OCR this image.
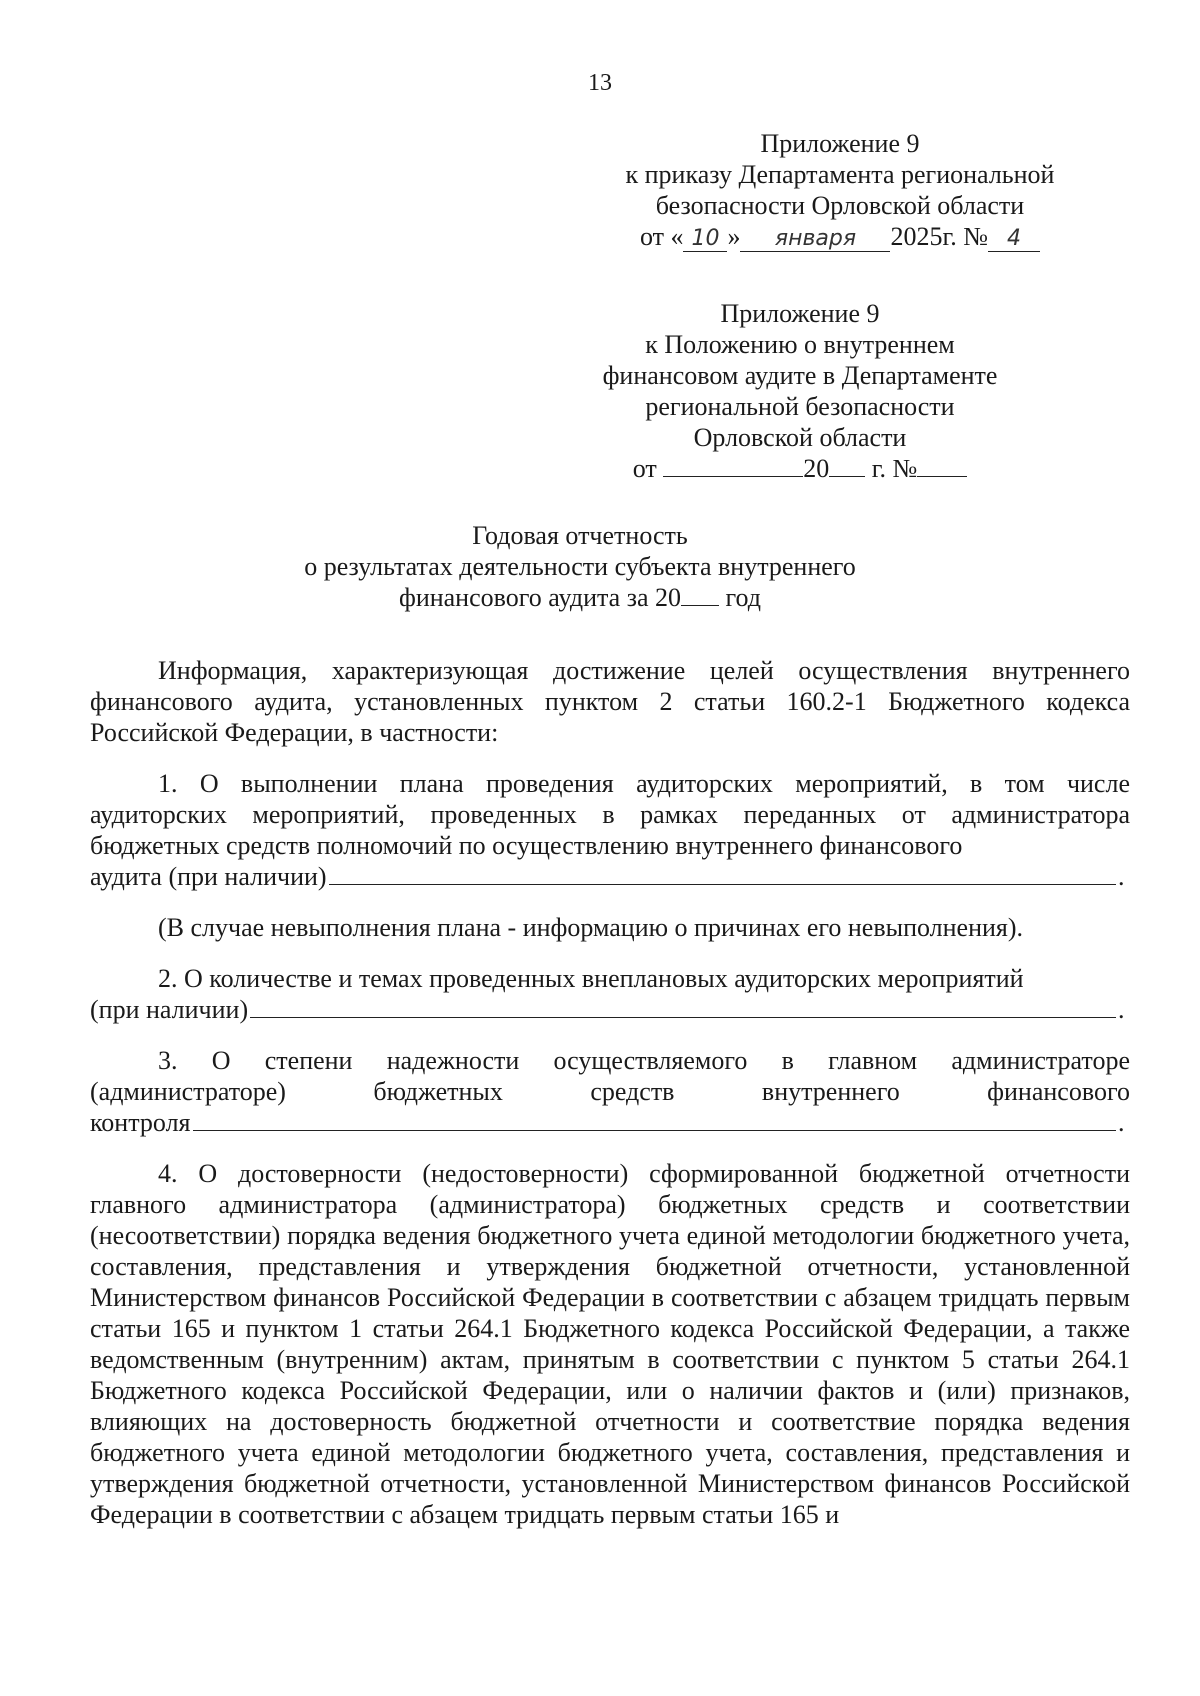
13
Приложение 9
к приказу Департамента региональной
безопасности Орловской области
от « 10 » января 2025г. № 4
Приложение 9
к Положению о внутреннем
финансовом аудите в Департаменте
региональной безопасности
Орловской области
от	20 г. №
Годовая отчетность
о результатах деятельности субъекта внутреннего
финансового аудита за 20 год

Информация, характеризующая достижение целей осуществления внутреннего финансового аудита, установленных пунктом 2 статьи 160.2-1 Бюджетного кодекса Российской Федерации, в частности:

1. О выполнении плана проведения аудиторских мероприятий, в том числе аудиторских мероприятий, проведенных в рамках переданных от администратора бюджетных средств полномочий по осуществлению внутреннего финансового

аудита (при наличии)	.

(В случае невыполнения плана - информацию о причинах его невыполнения).

2. О количестве и темах проведенных внеплановых аудиторских мероприятий

(при наличии)	.
3. О степени надежности осуществляемого в главном администраторе
(администраторе)	бюджетных	средств	внутреннего	финансового
контроля	.

4. О достоверности (недостоверности) сформированной бюджетной отчетности главного администратора (администратора) бюджетных средств и соответствии (несоответствии) порядка ведения бюджетного учета единой методологии бюджетного учета, составления, представления и утверждения бюджетной отчетности, установленной Министерством финансов Российской Федерации в соответствии с абзацем тридцать первым статьи 165 и пунктом 1 статьи 264.1 Бюджетного кодекса Российской Федерации, а также ведомственным (внутренним) актам, принятым в соответствии с пунктом 5 статьи 264.1 Бюджетного кодекса Российской Федерации, или о наличии фактов и (или) признаков, влияющих на достоверность бюджетной отчетности и соответствие порядка ведения бюджетного учета единой методологии бюджетного учета, составления, представления и утверждения бюджетной отчетности, установленной Министерством финансов Российской Федерации в соответствии с абзацем тридцать первым статьи 165 и
